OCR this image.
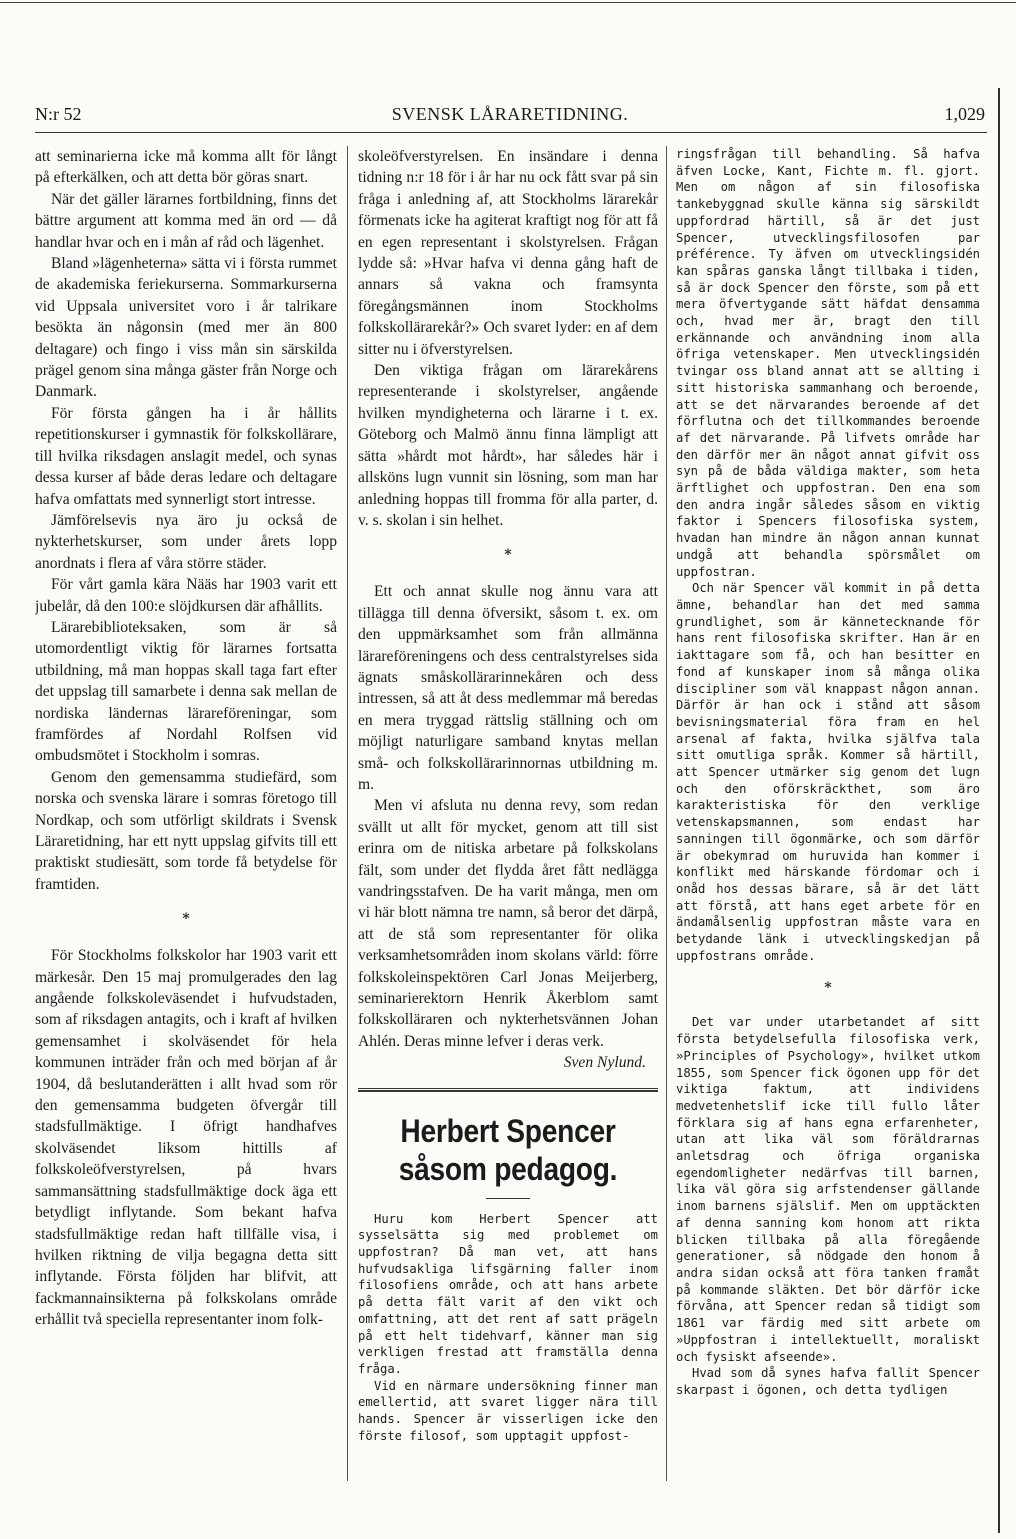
N:r 52	SVENSK LÅRARETIDNING.	1,029

att seminarierna icke må komma allt för långt på efterkälken, och att detta bör göras snart.

När det gäller lärarnes fortbildning, finns det bättre argument att komma med än ord — då handlar hvar och en i mån af råd och lägenhet.

Bland »lägenheterna» sätta vi i första rummet de akademiska feriekurserna. Sommarkurserna vid Uppsala universitet voro i år talrikare besökta än någonsin (med mer än 800 deltagare) och fingo i viss mån sin särskilda prägel genom sina många gäster från Norge och Danmark.

För första gången ha i år hållits repetitionskurser i gymnastik för folkskollärare, till hvilka riksdagen anslagit medel, och synas dessa kurser af både deras ledare och deltagare hafva omfattats med synnerligt stort intresse.

Jämförelsevis nya äro ju också de nykterhetskurser, som under årets lopp anordnats i flera af våra större städer.

För vårt gamla kära Nääs har 1903 varit ett jubelår, då den 100:e slöjdkursen där afhållits.

Lärarebiblioteksaken, som är så utomordentligt viktig för lärarnes fortsatta utbildning, må man hoppas skall taga fart efter det uppslag till samarbete i denna sak mellan de nordiska ländernas lärareföreningar, som framfördes af Nordahl Rolfsen vid ombudsmötet i Stockholm i somras.

Genom den gemensamma studiefärd, som norska och svenska lärare i somras företogo till Nordkap, och som utförligt skildrats i Svensk Läraretidning, har ett nytt uppslag gifvits till ett praktiskt studiesätt, som torde få betydelse för framtiden.

*

För Stockholms folkskolor har 1903 varit ett märkesår. Den 15 maj promulgerades den lag angående folkskoleväsendet i hufvudstaden, som af riksdagen antagits, och i kraft af hvilken gemensamhet i skolväsendet för hela kommunen inträder från och med början af år 1904, då beslutanderätten i allt hvad som rör den gemensamma budgeten öfvergår till stadsfullmäktige. I öfrigt handhafves skolväsendet liksom hittills af folkskoleöfverstyrelsen, på hvars sammansättning stadsfullmäktige dock äga ett betydligt inflytande. Som bekant hafva stadsfullmäktige redan haft tillfälle visa, i hvilken riktning de vilja begagna detta sitt inflytande. Första följden har blifvit, att fackmannainsikterna på folkskolans område erhållit två speciella representanter inom folk-

skoleöfverstyrelsen. En insändare i denna tidning n:r 18 för i år har nu ock fått svar på sin fråga i anledning af, att Stockholms lärarekår förmenats icke ha agiterat kraftigt nog för att få en egen representant i skolstyrelsen. Frågan lydde så: »Hvar hafva vi denna gång haft de annars så vakna och framsynta föregångsmännen inom Stockholms folkskollärarekår?» Och svaret lyder: en af dem sitter nu i öfverstyrelsen.

Den viktiga frågan om lärarekårens representerande i skolstyrelser, angående hvilken myndigheterna och lärarne i t. ex. Göteborg och Malmö ännu finna lämpligt att sätta »hårdt mot hårdt», har således här i allsköns lugn vunnit sin lösning, som man har anledning hoppas till fromma för alla parter, d. v. s. skolan i sin helhet.

*

Ett och annat skulle nog ännu vara att tillägga till denna öfversikt, såsom t. ex. om den uppmärksamhet som från allmänna lärareföreningens och dess centralstyrelses sida ägnats småskollärarinnekåren och dess intressen, så att åt dess medlemmar må beredas en mera tryggad rättslig ställning och om möjligt naturligare samband knytas mellan små- och folkskollärarinnornas utbildning m. m.

Men vi afsluta nu denna revy, som redan svällt ut allt för mycket, genom att till sist erinra om de nitiska arbetare på folkskolans fält, som under det flydda året fått nedlägga vandringsstafven. De ha varit många, men om vi här blott nämna tre namn, så beror det därpå, att de stå som representanter för olika verksamhetsområden inom skolans värld: förre folkskoleinspektören Carl Jonas Meijerberg, seminarierektorn Henrik Åkerblom samt folkskolläraren och nykterhetsvännen Johan Ahlén. Deras minne lefver i deras verk.

Sven Nylund.
Herbert Spencer såsom pedagog.

Huru kom Herbert Spencer att sysselsätta sig med problemet om uppfostran? Då man vet, att hans hufvudsakliga lifsgärning faller inom filosofiens område, och att hans arbete på detta fält varit af den vikt och omfattning, att det rent af satt prägeln på ett helt tidehvarf, känner man sig verkligen frestad att framställa denna fråga.

Vid en närmare undersökning finner man emellertid, att svaret ligger nära till hands. Spencer är visserligen icke den förste filosof, som upptagit uppfost-

ringsfrågan till behandling. Så hafva äfven Locke, Kant, Fichte m. fl. gjort. Men om någon af sin filosofiska tankebyggnad skulle känna sig särskildt uppfordrad härtill, så är det just Spencer, utvecklingsfilosofen par préférence. Ty äfven om utvecklingsidén kan spåras ganska långt tillbaka i tiden, så är dock Spencer den förste, som på ett mera öfvertygande sätt häfdat densamma och, hvad mer är, bragt den till erkännande och användning inom alla öfriga vetenskaper. Men utvecklingsidén tvingar oss bland annat att se allting i sitt historiska sammanhang och beroende, att se det närvarandes beroende af det förflutna och det tillkommandes beroende af det närvarande. På lifvets område har den därför mer än något annat gifvit oss syn på de båda väldiga makter, som heta ärftlighet och uppfostran. Den ena som den andra ingår således såsom en viktig faktor i Spencers filosofiska system, hvadan han mindre än någon annan kunnat undgå att behandla spörsmålet om uppfostran.

Och när Spencer väl kommit in på detta ämne, behandlar han det med samma grundlighet, som är kännetecknande för hans rent filosofiska skrifter. Han är en iakttagare som få, och han besitter en fond af kunskaper inom så många olika discipliner som väl knappast någon annan. Därför är han ock i stånd att såsom bevisningsmaterial föra fram en hel arsenal af fakta, hvilka själfva tala sitt omutliga språk. Kommer så härtill, att Spencer utmärker sig genom det lugn och den oförskräckthet, som äro karakteristiska för den verklige vetenskapsmannen, som endast har sanningen till ögonmärke, och som därför är obekymrad om huruvida han kommer i konflikt med härskande fördomar och i onåd hos dessas bärare, så är det lätt att förstå, att hans eget arbete för en ändamålsenlig uppfostran måste vara en betydande länk i utvecklingskedjan på uppfostrans område.

*

Det var under utarbetandet af sitt första betydelsefulla filosofiska verk, »Principles of Psychology», hvilket utkom 1855, som Spencer fick ögonen upp för det viktiga faktum, att individens medvetenhetslif icke till fullo låter förklara sig af hans egna erfarenheter, utan att lika väl som föräldrarnas anletsdrag och öfriga organiska egendomligheter nedärfvas till barnen, lika väl göra sig arfstendenser gällande inom barnens själslif. Men om upptäckten af denna sanning kom honom att rikta blicken tillbaka på alla föregående generationer, så nödgade den honom å andra sidan också att föra tanken framåt på kommande släkten. Det bör därför icke förvåna, att Spencer redan så tidigt som 1861 var färdig med sitt arbete om »Uppfostran i intellektuellt, moraliskt och fysiskt afseende».

Hvad som då synes hafva fallit Spencer skarpast i ögonen, och detta tydligen
